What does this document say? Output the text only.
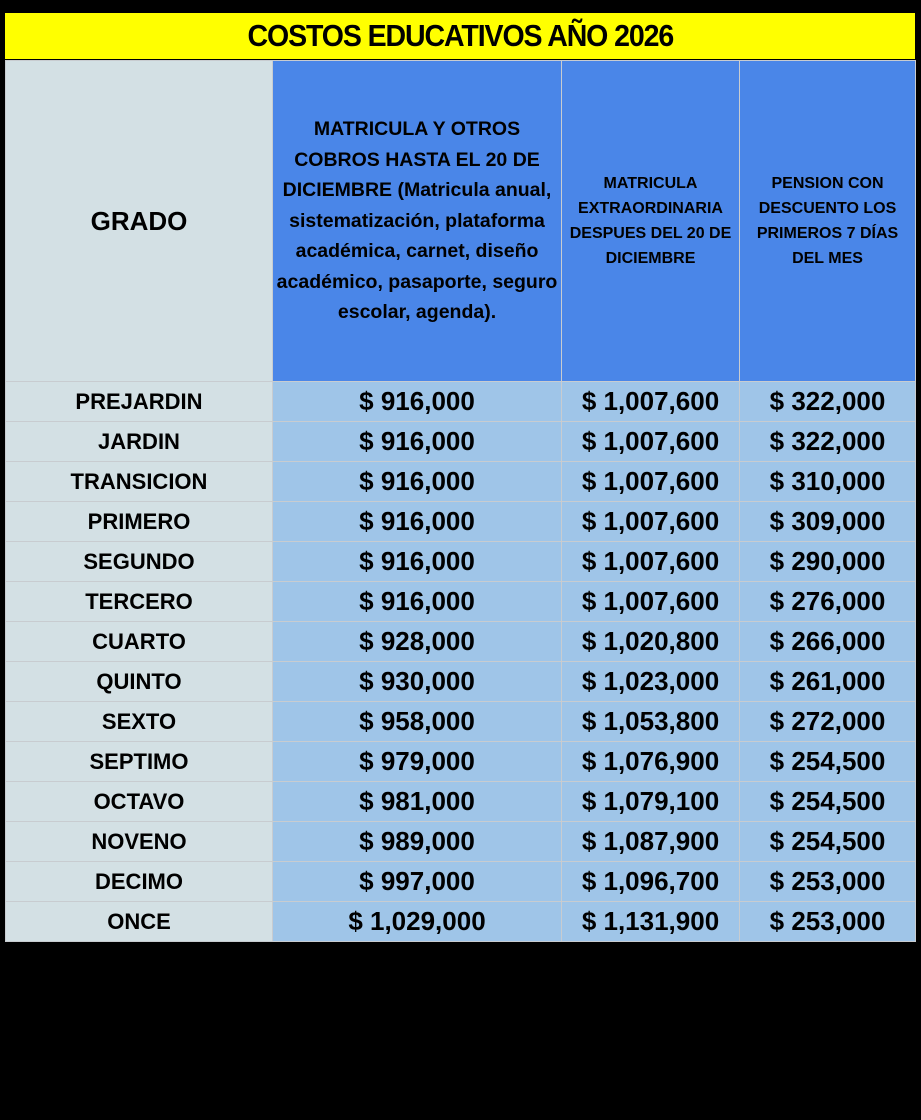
COSTOS EDUCATIVOS AÑO 2026
GRADO	MATRICULA Y OTROS COBROS HASTA EL 20 DE DICIEMBRE (Matricula anual, sistematización, plataforma académica, carnet, diseño académico, pasaporte, seguro escolar, agenda).	MATRICULA EXTRAORDINARIA DESPUES DEL 20 DE DICIEMBRE	PENSION CON DESCUENTO LOS PRIMEROS 7 DÍAS DEL MES
PREJARDIN	$ 916,000	$ 1,007,600	$ 322,000
JARDIN	$ 916,000	$ 1,007,600	$ 322,000
TRANSICION	$ 916,000	$ 1,007,600	$ 310,000
PRIMERO	$ 916,000	$ 1,007,600	$ 309,000
SEGUNDO	$ 916,000	$ 1,007,600	$ 290,000
TERCERO	$ 916,000	$ 1,007,600	$ 276,000
CUARTO	$ 928,000	$ 1,020,800	$ 266,000
QUINTO	$ 930,000	$ 1,023,000	$ 261,000
SEXTO	$ 958,000	$ 1,053,800	$ 272,000
SEPTIMO	$ 979,000	$ 1,076,900	$ 254,500
OCTAVO	$ 981,000	$ 1,079,100	$ 254,500
NOVENO	$ 989,000	$ 1,087,900	$ 254,500
DECIMO	$ 997,000	$ 1,096,700	$ 253,000
ONCE	$ 1,029,000	$ 1,131,900	$ 253,000
